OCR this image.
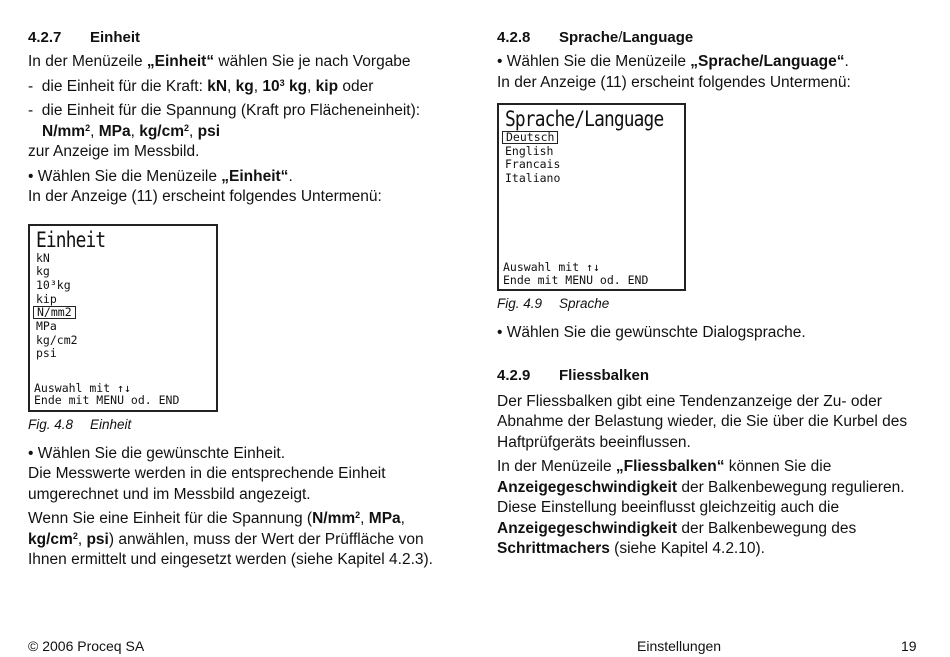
4.2.7 Einheit

In der Menüzeile „Einheit“ wählen Sie je nach Vorgabe

-  die Einheit für die Kraft: kN, kg, $10^3$ kg, kip oder

-  die Einheit für die Spannung (Kraft pro Flächeneinheit):
$N/mm^2$, MPa, $kg/cm^2$, psi

zur Anzeige im Messbild.

• Wählen Sie die Menüzeile „Einheit“.

In der Anzeige (11) erscheint folgendes Untermenü:

Einheit
kN
kg
10³kg
kip
N/mm2
MPa
kg/cm2
psi
Auswahl mit ↑↓
Ende mit MENU od. END
Fig. 4.8 Einheit

• Wählen Sie die gewünschte Einheit.

Die Messwerte werden in die entsprechende Einheit umgerechnet und im Messbild angezeigt.

Wenn Sie eine Einheit für die Spannung ($N/mm^2$, MPa, $kg/cm^2$, psi) anwählen, muss der Wert der Prüffläche von Ihnen ermittelt und eingesetzt werden (siehe Kapitel 4.2.3).

4.2.8 Sprache/Language

• Wählen Sie die Menüzeile „Sprache/Language“.

In der Anzeige (11) erscheint folgendes Untermenü:

Sprache/Language
Deutsch
English
Francais
Italiano
Auswahl mit ↑↓
Ende mit MENU od. END
Fig. 4.9 Sprache

• Wählen Sie die gewünschte Dialogsprache.

4.2.9 Fliessbalken

Der Fliessbalken gibt eine Tendenzanzeige der Zu- oder Abnahme der Belastung wieder, die Sie über die Kurbel des Haftprüfgeräts beeinflussen.

In der Menüzeile „Fliessbalken“ können Sie die Anzeigegeschwindigkeit der Balkenbewegung regulieren. Diese Einstellung beeinflusst gleichzeitig auch die Anzeigegeschwindigkeit der Balkenbewegung des Schrittmachers (siehe Kapitel 4.2.10).

© 2006 Proceq SA	Einstellungen	19
